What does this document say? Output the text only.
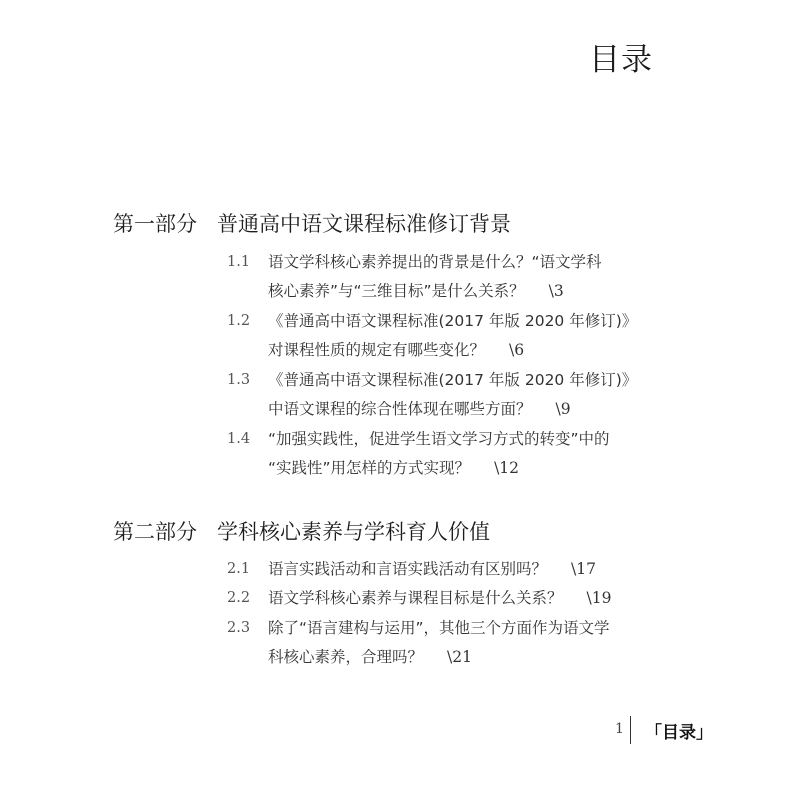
目录
第一部分 普通高中语文课程标准修订背景
1.1	语文学科核心素养提出的背景是什么？“语文学科
核心素养”与“三维目标”是什么关系？ \3
1.2	《普通高中语文课程标准(2017 年版 2020 年修订)》
对课程性质的规定有哪些变化？ \6
1.3	《普通高中语文课程标准(2017 年版 2020 年修订)》
中语文课程的综合性体现在哪些方面？ \9
1.4	“加强实践性，促进学生语文学习方式的转变”中的
“实践性”用怎样的方式实现？ \12
第二部分 学科核心素养与学科育人价值
2.1	语言实践活动和言语实践活动有区别吗？ \17
2.2	语文学科核心素养与课程目标是什么关系？ \19
2.3	除了“语言建构与运用”，其他三个方面作为语文学
科核心素养，合理吗？ \21
1 「目录」
